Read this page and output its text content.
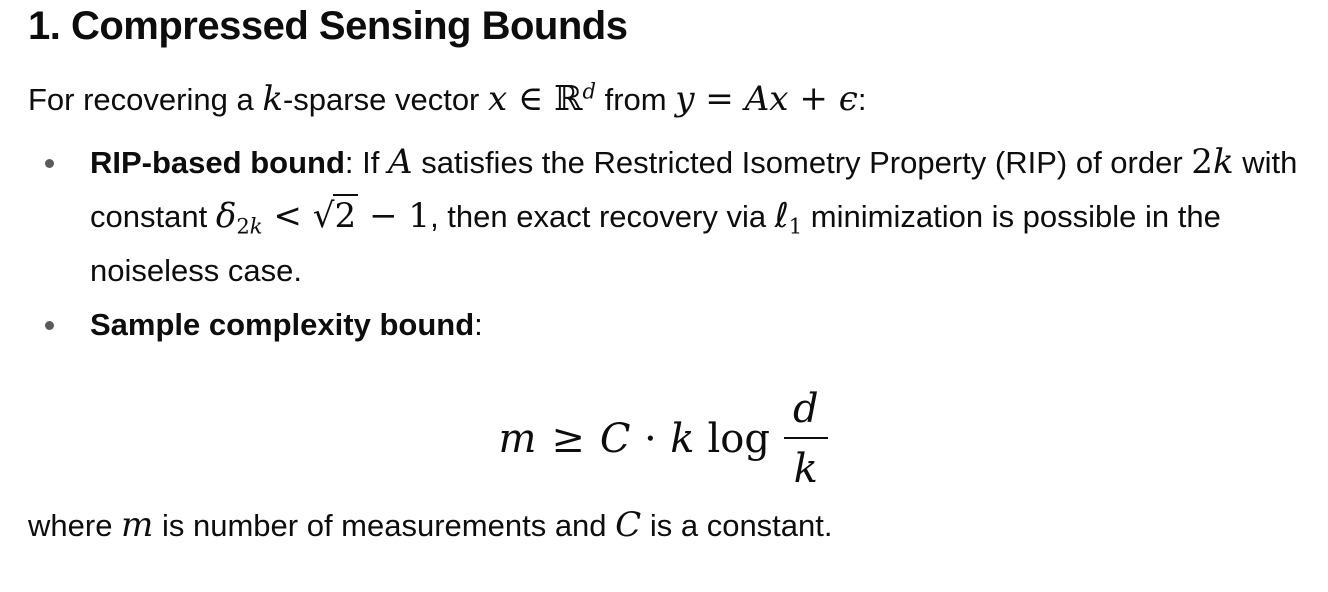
1. Compressed Sensing Bounds

For recovering a k-sparse vector x ∈ ℝ$^d$ from y = Ax + ϵ:

RIP-based bound: If A satisfies the Restricted Isometry Property (RIP) of order 2k with constant $\delta_{2k} < √2 - 1$, then exact recovery via ℓ$_1$ minimization is possible in the noiseless case.
Sample complexity bound:
m ≥ C ⋅ k $\log \frac{d}{k}$

where m is number of measurements and C is a constant.
